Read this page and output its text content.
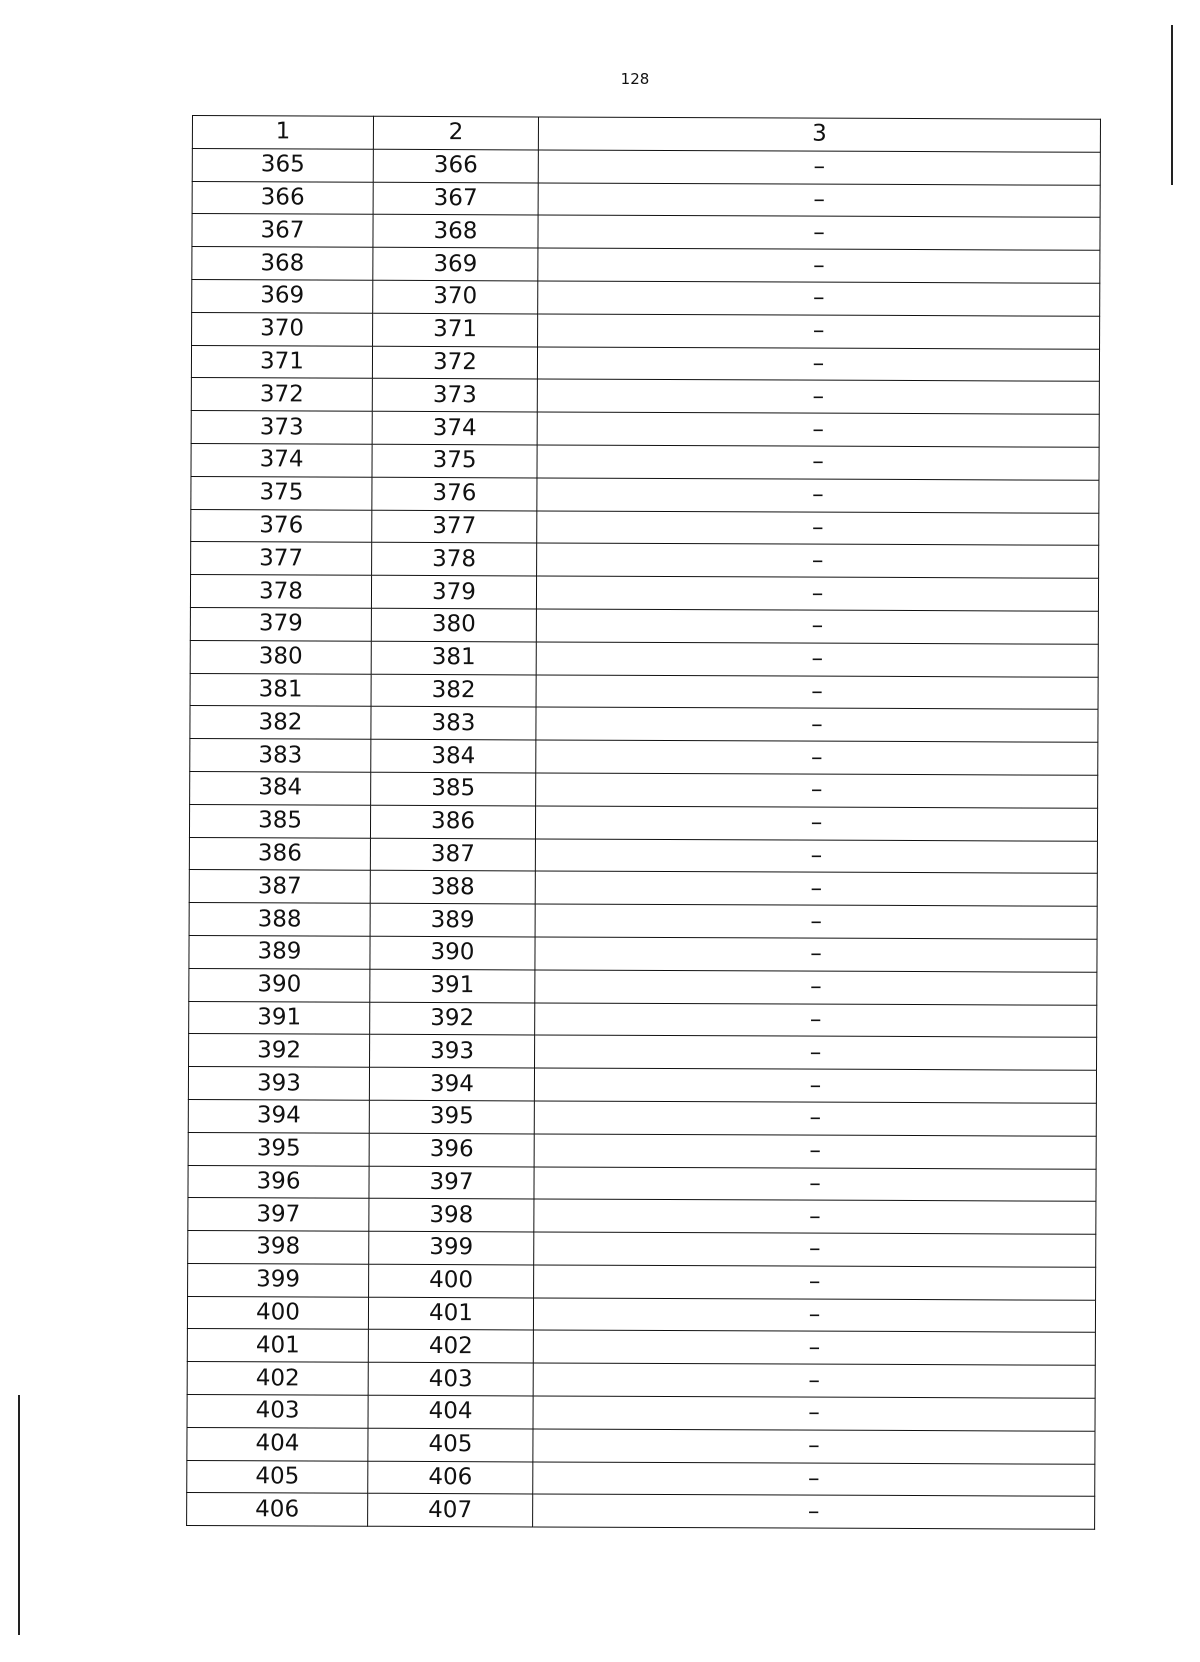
128
1	2	3
365	366	–
366	367	–
367	368	–
368	369	–
369	370	–
370	371	–
371	372	–
372	373	–
373	374	–
374	375	–
375	376	–
376	377	–
377	378	–
378	379	–
379	380	–
380	381	–
381	382	–
382	383	–
383	384	–
384	385	–
385	386	–
386	387	–
387	388	–
388	389	–
389	390	–
390	391	–
391	392	–
392	393	–
393	394	–
394	395	–
395	396	–
396	397	–
397	398	–
398	399	–
399	400	–
400	401	–
401	402	–
402	403	–
403	404	–
404	405	–
405	406	–
406	407	–
